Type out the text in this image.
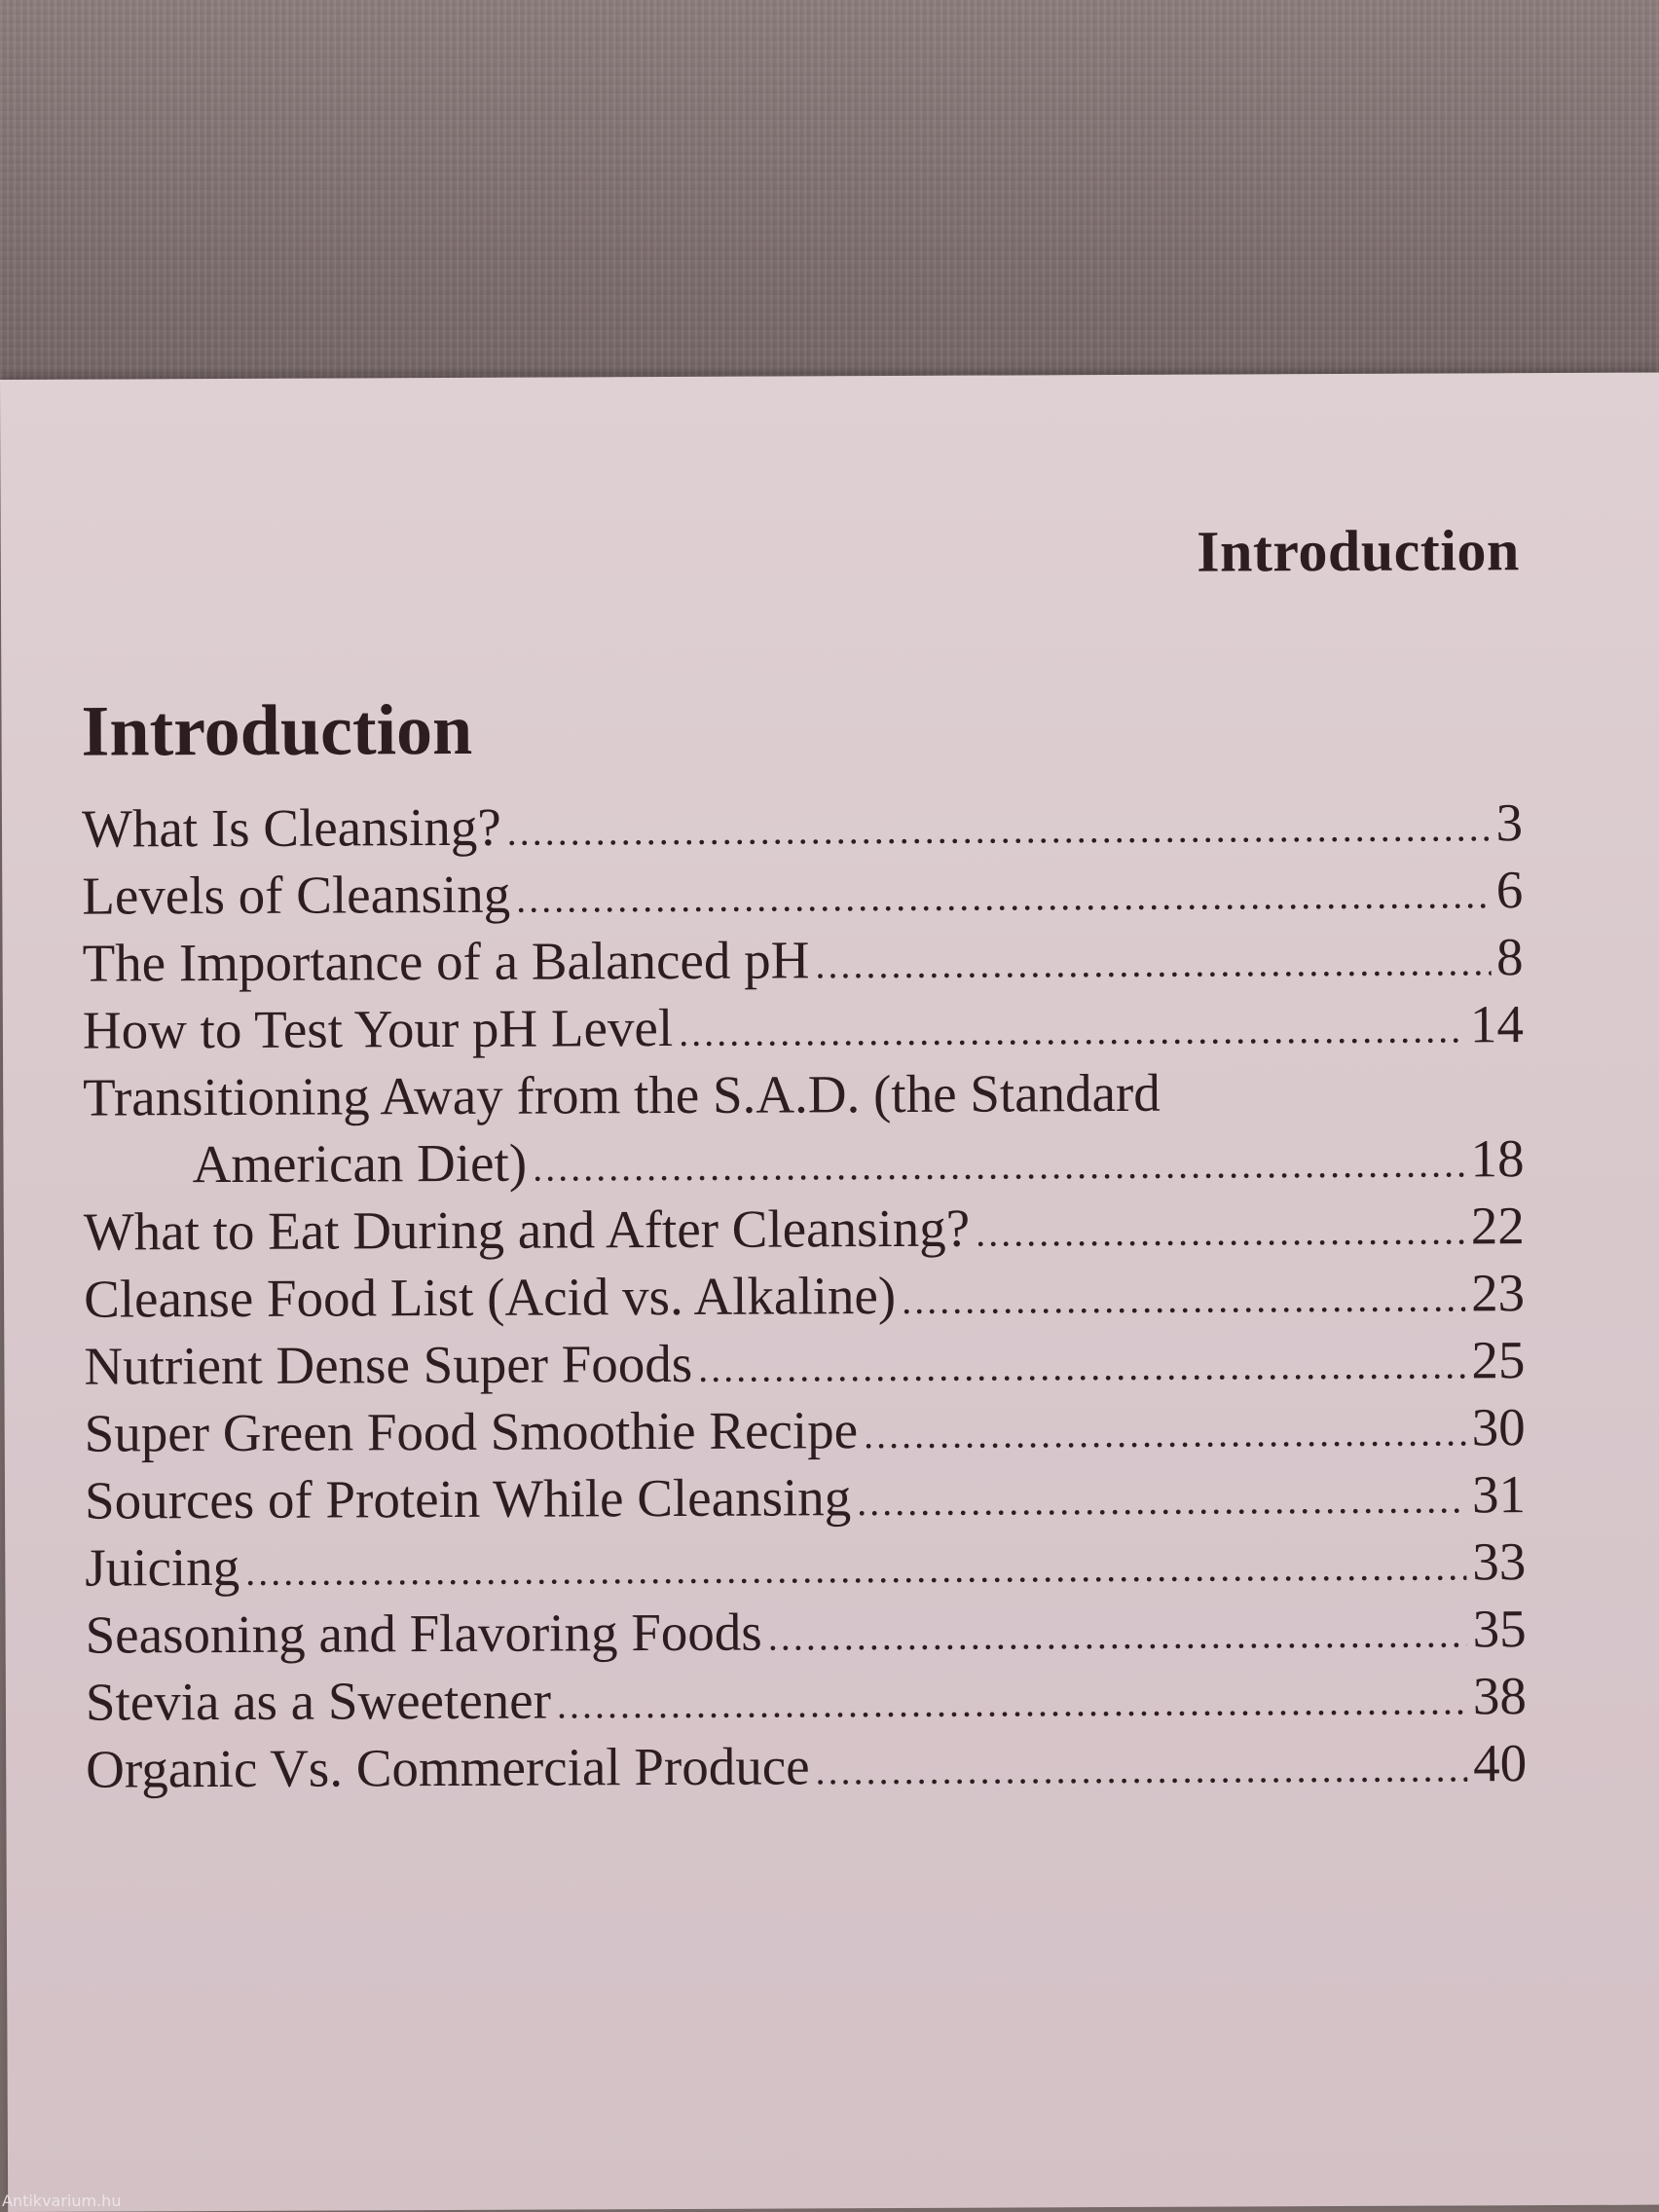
Introduction
Introduction
What Is Cleansing? .....	3
Levels of Cleansing .....	6
The Importance of a Balanced pH .....	8
How to Test Your pH Level .....	14
Transitioning Away from the S.A.D. (the Standard
American Diet) .....	18
What to Eat During and After Cleansing? .....	22
Cleanse Food List (Acid vs. Alkaline) .....	23
Nutrient Dense Super Foods .....	25
Super Green Food Smoothie Recipe .....	30
Sources of Protein While Cleansing .....	31
Juicing .....	33
Seasoning and Flavoring Foods .....	35
Stevia as a Sweetener .....	38
Organic Vs. Commercial Produce .....	40
Antikvarium.hu
